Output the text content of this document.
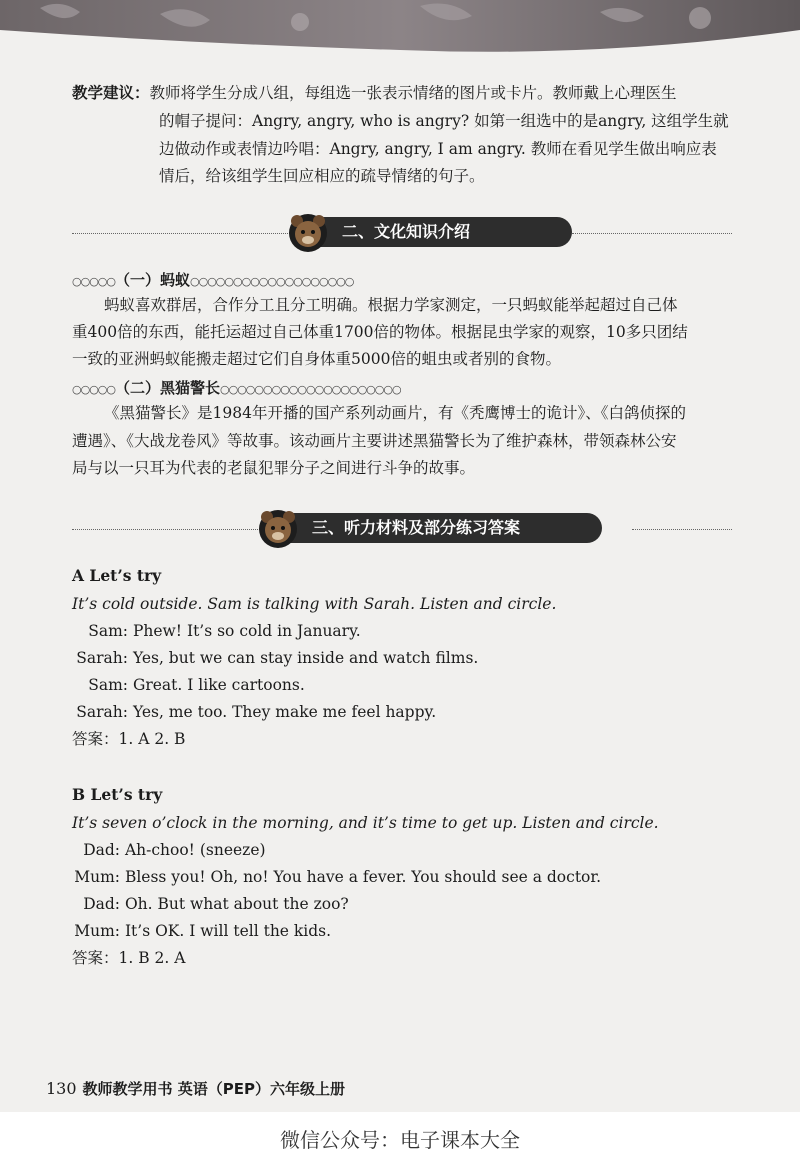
教学建议：教师将学生分成八组，每组选一张表示情绪的图片或卡片。教师戴上心理医生
的帽子提问：Angry, angry, who is angry? 如第一组选中的是angry, 这组学生就
边做动作或表情边吟唱：Angry, angry, I am angry. 教师在看见学生做出响应表
情后，给该组学生回应相应的疏导情绪的句子。
二、文化知识介绍
○○○○○（一）蚂蚁○○○○○○○○○○○○○○○○○○○
蚂蚁喜欢群居，合作分工且分工明确。根据力学家测定，一只蚂蚁能举起超过自己体
重400倍的东西，能托运超过自己体重1700倍的物体。根据昆虫学家的观察，10多只团结
一致的亚洲蚂蚁能搬走超过它们自身体重5000倍的蛆虫或者别的食物。
○○○○○（二）黑猫警长○○○○○○○○○○○○○○○○○○○○○
《黑猫警长》是1984年开播的国产系列动画片，有《秃鹰博士的诡计》、《白鸽侦探的
遭遇》、《大战龙卷风》等故事。该动画片主要讲述黑猫警长为了维护森林，带领森林公安
局与以一只耳为代表的老鼠犯罪分子之间进行斗争的故事。
三、听力材料及部分练习答案
A Let’s try
It’s cold outside. Sam is talking with Sarah. Listen and circle.
Sam: Phew! It’s so cold in January.
Sarah: Yes, but we can stay inside and watch films.
Sam: Great. I like cartoons.
Sarah: Yes, me too. They make me feel happy.
答案：1. A 2. B
B Let’s try
It’s seven o’clock in the morning, and it’s time to get up. Listen and circle.
Dad: Ah-choo! (sneeze)
Mum: Bless you! Oh, no! You have a fever. You should see a doctor.
Dad: Oh. But what about the zoo?
Mum: It’s OK. I will tell the kids.
答案：1. B 2. A
130 教师教学用书 英语（PEP）六年级上册
微信公众号：电子课本大全
